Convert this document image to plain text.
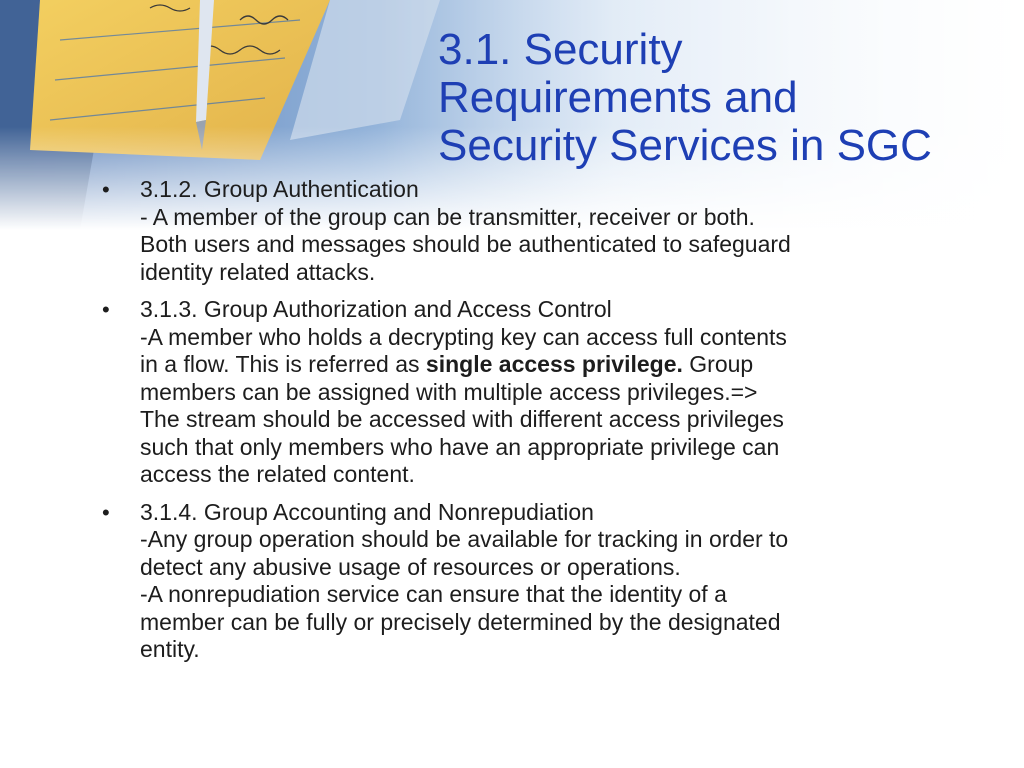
3.1. Security
Requirements and
Security Services in SGC
• 3.1.2. Group Authentication
- A member of the group can be transmitter, receiver or both.
Both users and messages should be authenticated to safeguard
identity related attacks.
• 3.1.3. Group Authorization and Access Control
-A member who holds a decrypting key can access full contents
in a flow. This is referred as single access privilege. Group
members can be assigned with multiple access privileges.=>
The stream should be accessed with different access privileges
such that only members who have an appropriate privilege can
access the related content.
• 3.1.4. Group Accounting and Nonrepudiation
-Any group operation should be available for tracking in order to
detect any abusive usage of resources or operations.
-A nonrepudiation service can ensure that the identity of a
member can be fully or precisely determined by the designated
entity.
